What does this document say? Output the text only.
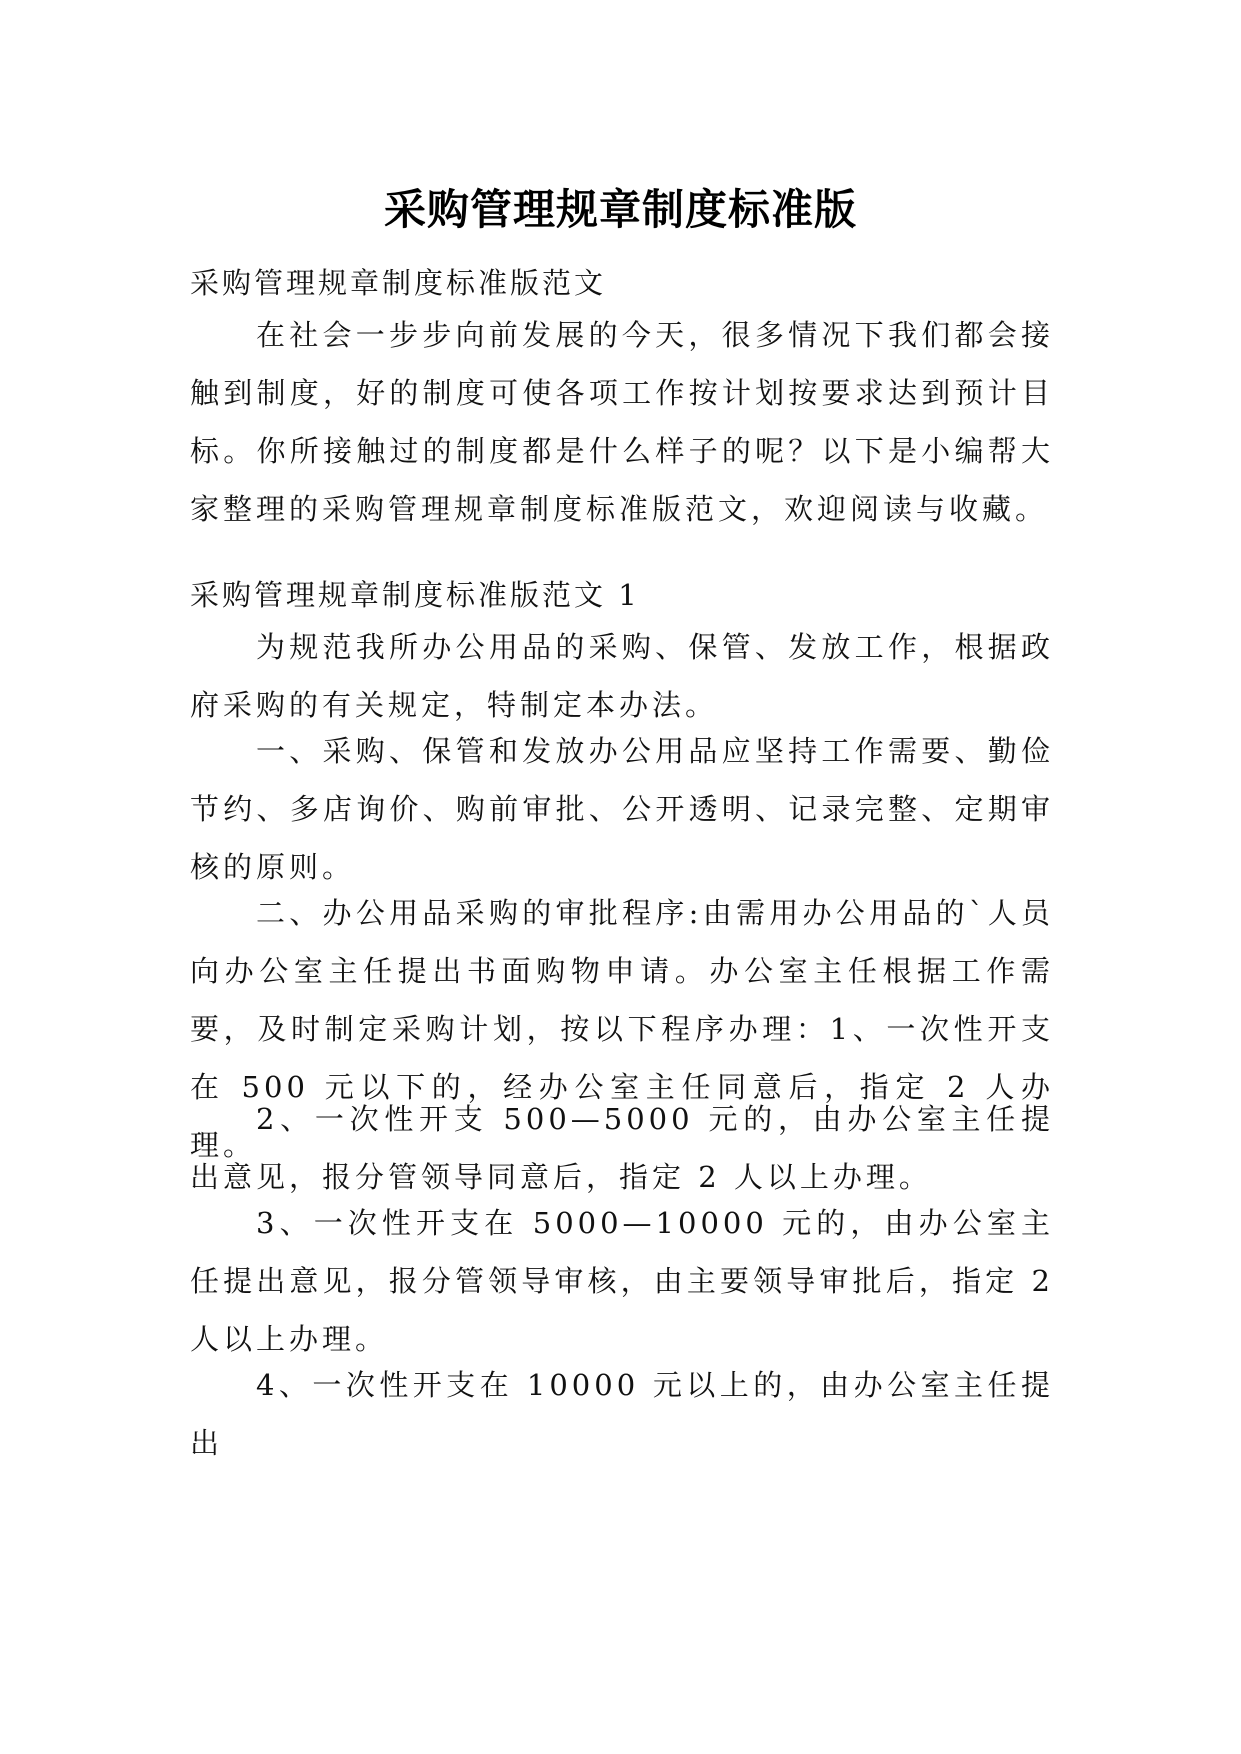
采购管理规章制度标准版

采购管理规章制度标准版范文

在社会一步步向前发展的今天，很多情况下我们都会接触到制度，好的制度可使各项工作按计划按要求达到预计目标。你所接触过的制度都是什么样子的呢？以下是小编帮大家整理的采购管理规章制度标准版范文，欢迎阅读与收藏。

采购管理规章制度标准版范文 1

为规范我所办公用品的采购、保管、发放工作，根据政府采购的有关规定，特制定本办法。

一、采购、保管和发放办公用品应坚持工作需要、勤俭节约、多店询价、购前审批、公开透明、记录完整、定期审核的原则。

二、办公用品采购的审批程序:由需用办公用品的`人员向办公室主任提出书面购物申请。办公室主任根据工作需要，及时制定采购计划，按以下程序办理：1、一次性开支在 500 元以下的，经办公室主任同意后，指定 2 人办理。

2、一次性开支 500—5000 元的，由办公室主任提出意见，报分管领导同意后，指定 2 人以上办理。

3、一次性开支在 5000—10000 元的，由办公室主任提出意见，报分管领导审核，由主要领导审批后，指定 2 人以上办理。

4、一次性开支在 10000 元以上的，由办公室主任提出
